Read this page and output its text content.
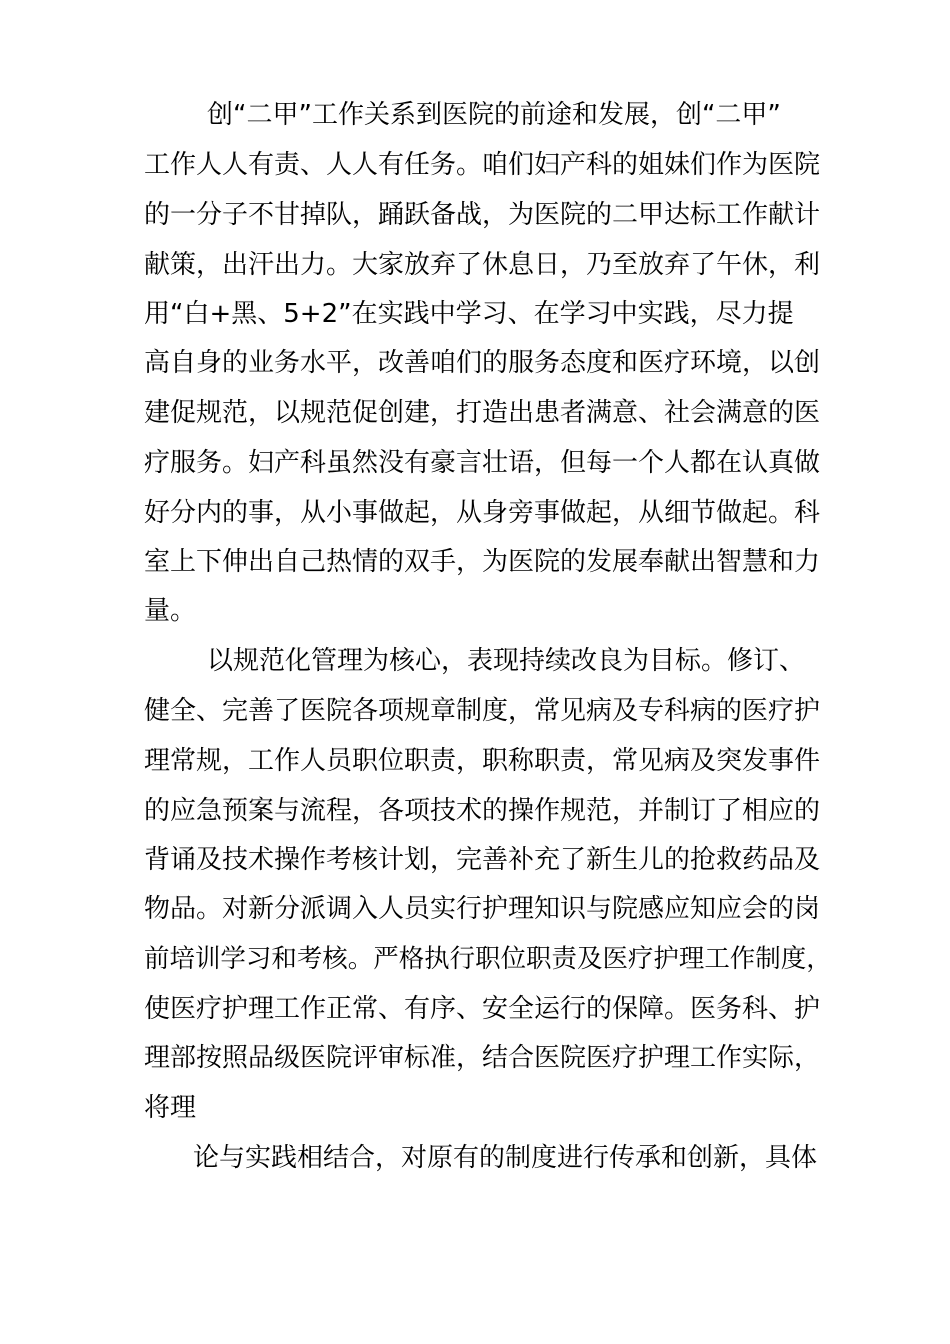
创“二甲”工作关系到医院的前途和发展，创“二甲”
工作人人有责、人人有任务。咱们妇产科的姐妹们作为医院
的一分子不甘掉队，踊跃备战，为医院的二甲达标工作献计
献策，出汗出力。大家放弃了休息日，乃至放弃了午休，利
用“白+黑、5+2”在实践中学习、在学习中实践，尽力提
高自身的业务水平，改善咱们的服务态度和医疗环境，以创
建促规范，以规范促创建，打造出患者满意、社会满意的医
疗服务。妇产科虽然没有豪言壮语，但每一个人都在认真做
好分内的事，从小事做起，从身旁事做起，从细节做起。科
室上下伸出自己热情的双手，为医院的发展奉献出智慧和力
量。
以规范化管理为核心，表现持续改良为目标。修订、
健全、完善了医院各项规章制度，常见病及专科病的医疗护
理常规，工作人员职位职责，职称职责，常见病及突发事件
的应急预案与流程，各项技术的操作规范，并制订了相应的
背诵及技术操作考核计划，完善补充了新生儿的抢救药品及
物品。对新分派调入人员实行护理知识与院感应知应会的岗
前培训学习和考核。严格执行职位职责及医疗护理工作制度，
使医疗护理工作正常、有序、安全运行的保障。医务科、护
理部按照品级医院评审标准，结合医院医疗护理工作实际，
将理
论与实践相结合，对原有的制度进行传承和创新，具体
